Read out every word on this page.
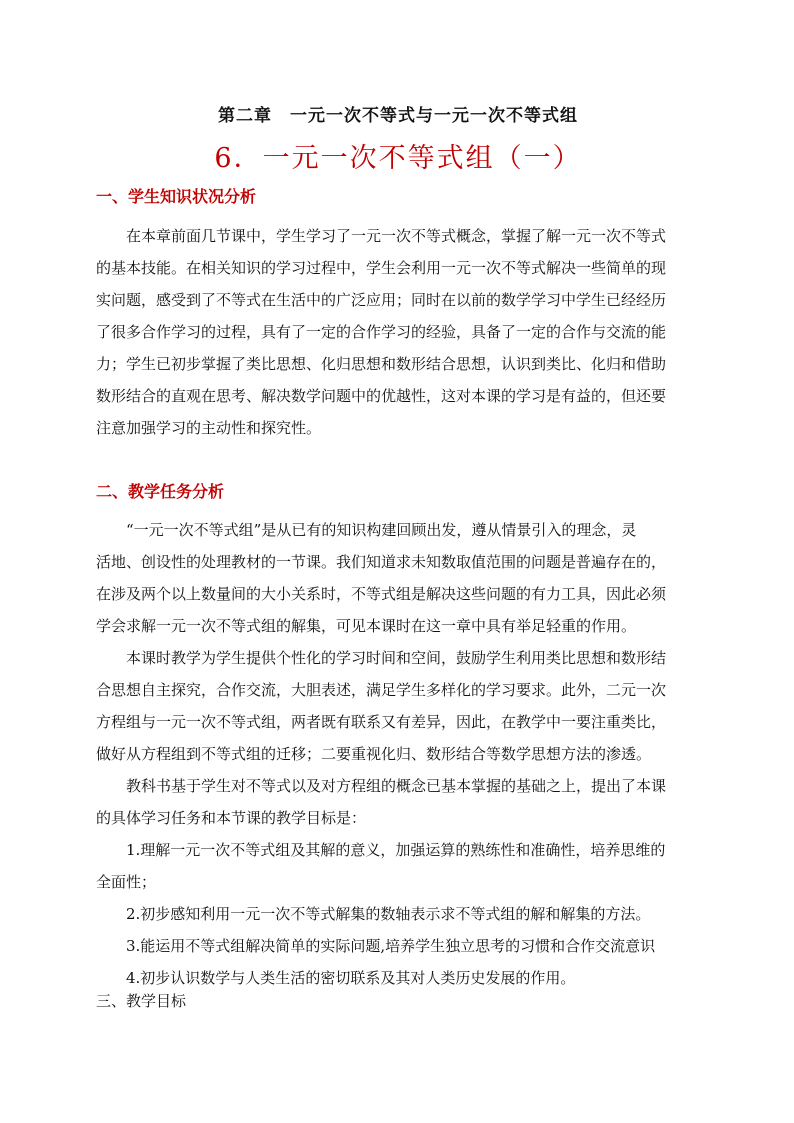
第二章　一元一次不等式与一元一次不等式组
6．一元一次不等式组（一）
一、学生知识状况分析
在本章前面几节课中，学生学习了一元一次不等式概念，掌握了解一元一次不等式
的基本技能。在相关知识的学习过程中，学生会利用一元一次不等式解决一些简单的现
实问题，感受到了不等式在生活中的广泛应用；同时在以前的数学学习中学生已经经历
了很多合作学习的过程，具有了一定的合作学习的经验，具备了一定的合作与交流的能
力；学生已初步掌握了类比思想、化归思想和数形结合思想，认识到类比、化归和借助
数形结合的直观在思考、解决数学问题中的优越性，这对本课的学习是有益的，但还要
注意加强学习的主动性和探究性。
二、教学任务分析
“一元一次不等式组”是从已有的知识构建回顾出发，遵从情景引入的理念，灵
活地、创设性的处理教材的一节课。我们知道求未知数取值范围的问题是普遍存在的，
在涉及两个以上数量间的大小关系时，不等式组是解决这些问题的有力工具，因此必须
学会求解一元一次不等式组的解集，可见本课时在这一章中具有举足轻重的作用。
本课时教学为学生提供个性化的学习时间和空间，鼓励学生利用类比思想和数形结
合思想自主探究，合作交流，大胆表述，满足学生多样化的学习要求。此外，二元一次
方程组与一元一次不等式组，两者既有联系又有差异，因此，在教学中一要注重类比，
做好从方程组到不等式组的迁移；二要重视化归、数形结合等数学思想方法的渗透。
教科书基于学生对不等式以及对方程组的概念已基本掌握的基础之上，提出了本课
的具体学习任务和本节课的教学目标是：
1.理解一元一次不等式组及其解的意义，加强运算的熟练性和准确性，培养思维的
全面性；
2.初步感知利用一元一次不等式解集的数轴表示求不等式组的解和解集的方法。
3.能运用不等式组解决简单的实际问题,培养学生独立思考的习惯和合作交流意识
4.初步认识数学与人类生活的密切联系及其对人类历史发展的作用。
三、教学目标
